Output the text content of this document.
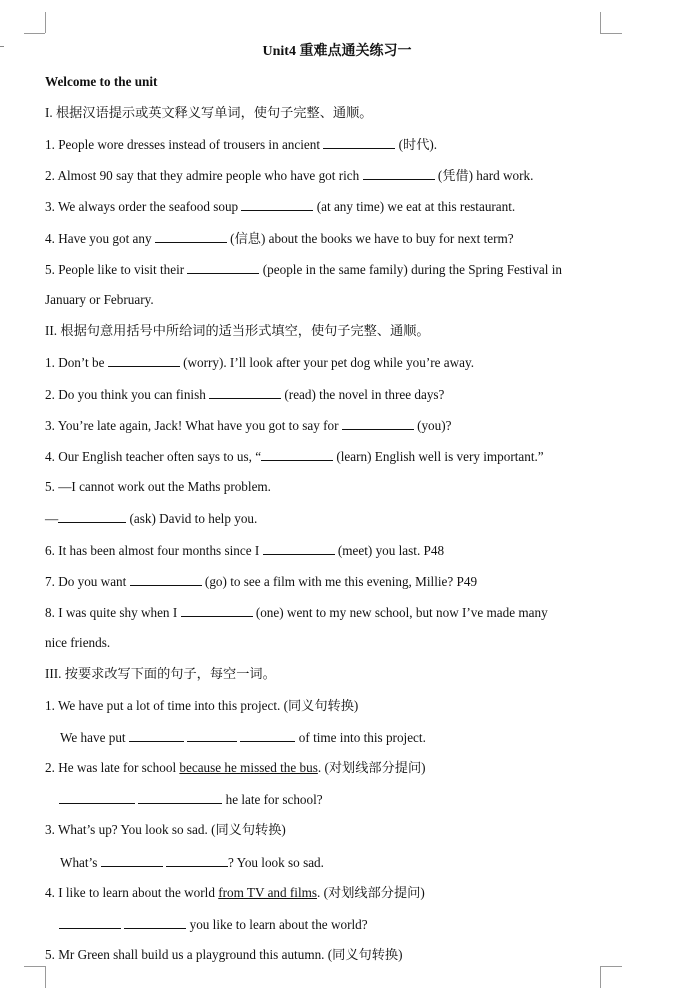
Unit4 重难点通关练习一
Welcome to the unit
I. 根据汉语提示或英文释义写单词，使句子完整、通顺。
1. People wore dresses instead of trousers in ancient	(时代).
2. Almost 90 say that they admire people who have got rich	(凭借) hard work.
3. We always order the seafood soup	(at any time) we eat at this restaurant.
4. Have you got any	(信息) about the books we have to buy for next term?
5. People like to visit their	(people in the same family) during the Spring Festival in
January or February.
II. 根据句意用括号中所给词的适当形式填空，使句子完整、通顺。
1. Don’t be	(worry). I’ll look after your pet dog while you’re away.
2. Do you think you can finish	(read) the novel in three days?
3. You’re late again, Jack! What have you got to say for	(you)?
4. Our English teacher often says to us, “	(learn) English well is very important.”
5. —I cannot work out the Maths problem.
—	(ask) David to help you.
6. It has been almost four months since I	(meet) you last. P48
7. Do you want	(go) to see a film with me this evening, Millie? P49
8. I was quite shy when I	(one) went to my new school, but now I’ve made many
nice friends.
III. 按要求改写下面的句子，每空一词。
1. We have put a lot of time into this project. (同义句转换)
We have put	of time into this project.
2. He was late for school because he missed the bus. (对划线部分提问)
he late for school?
3. What’s up? You look so sad. (同义句转换)
What’s	? You look so sad.
4. I like to learn about the world from TV and films. (对划线部分提问)
you like to learn about the world?
5. Mr Green shall build us a playground this autumn. (同义句转换)
